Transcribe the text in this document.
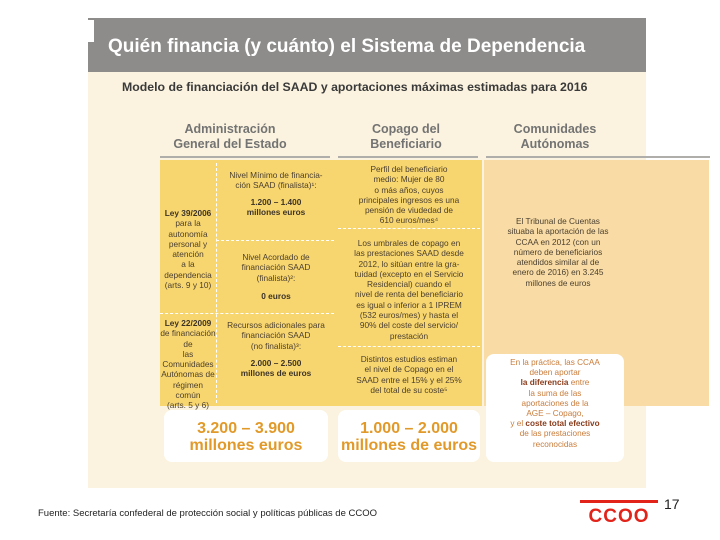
Quién financia (y cuánto) el Sistema de Dependencia
Modelo de financiación del SAAD y aportaciones máximas estimadas para 2016
Administración
General del Estado
Copago del
Beneficiario
Comunidades
Autónomas
Ley 39/2006
para la autonomía
personal y atención
a la dependencia
(arts. 9 y 10)
Nivel Mínimo de financia-
ción SAAD (finalista)¹:
1.200 – 1.400
millones euros
Nivel Acordado de
financiación SAAD
(finalista)²:
0 euros
Ley 22/2009
de financiación de
las Comunidades
Autónomas de
régimen común
(arts. 5 y 6)
Recursos adicionales para
financiación SAAD
(no finalista)³:
2.000 – 2.500
millones de euros
Perfil del beneficiario
medio: Mujer de 80
o más años, cuyos
principales ingresos es una
pensión de viudedad de
610 euros/mes⁴
Los umbrales de copago en
las prestaciones SAAD desde
2012, lo sitúan entre la gra-
tuidad (excepto en el Servicio
Residencial) cuando el
nivel de renta del beneficiario
es igual o inferior a 1 IPREM
(532 euros/mes) y hasta el
90% del coste del servicio/
prestación
Distintos estudios estiman
el nivel de Copago en el
SAAD entre el 15% y el 25%
del total de su coste⁵
El Tribunal de Cuentas
situaba la aportación de las
CCAA en 2012 (con un
número de beneficiarios
atendidos similar al de
enero de 2016) en 3.245
millones de euros
En la práctica, las CCAA
deben aportar
la diferencia entre
la suma de las
aportaciones de la
AGE – Copago,
y el coste total efectivo
de las prestaciones
reconocidas
3.200 – 3.900
millones euros
1.000 – 2.000
millones de euros
Fuente: Secretaría confederal de protección social y políticas públicas de CCOO
17
CCOO
